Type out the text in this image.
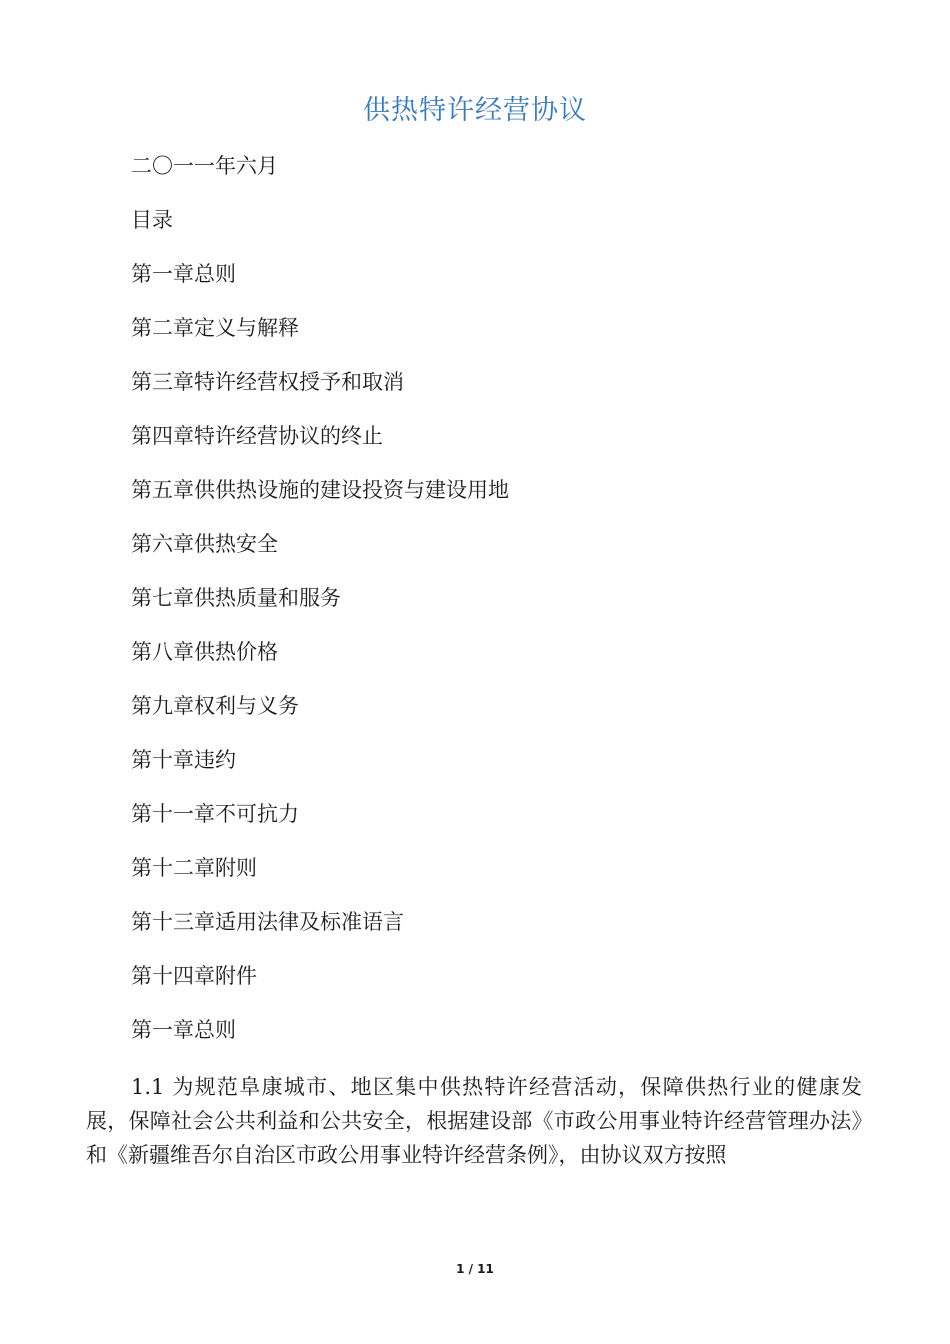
供热特许经营协议
二〇一一年六月
目录
第一章总则
第二章定义与解释
第三章特许经营权授予和取消
第四章特许经营协议的终止
第五章供供热设施的建设投资与建设用地
第六章供热安全
第七章供热质量和服务
第八章供热价格
第九章权利与义务
第十章违约
第十一章不可抗力
第十二章附则
第十三章适用法律及标准语言
第十四章附件
第一章总则
1.1 为规范阜康城市、地区集中供热特许经营活动，保障供热行业的健康发展，保障社会公共利益和公共安全，根据建设部《市政公用事业特许经营管理办法》和《新疆维吾尔自治区市政公用事业特许经营条例》，由协议双方按照
1 / 11
